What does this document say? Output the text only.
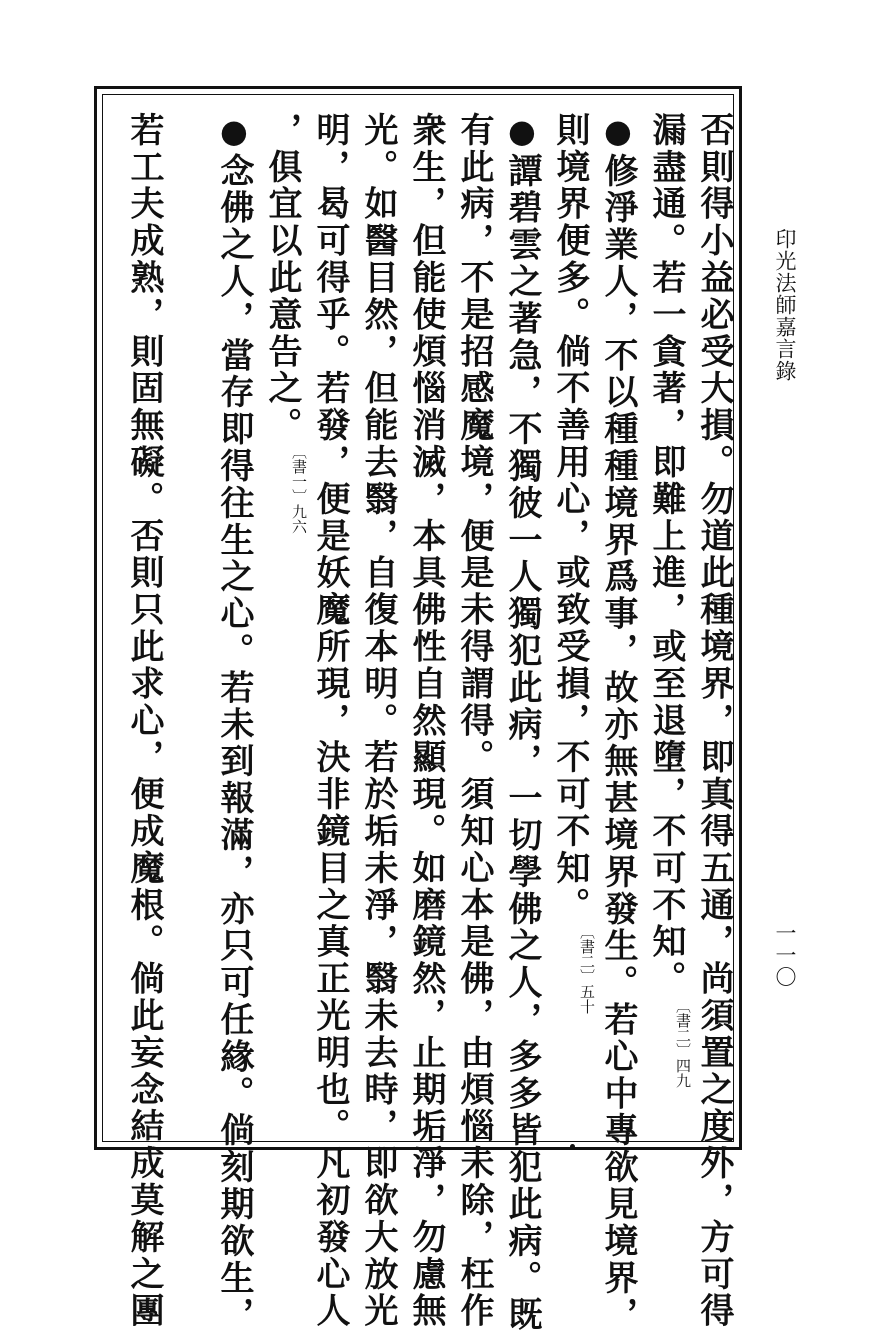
印光法師嘉言錄
一一〇
否則得小益必受大損。勿道此種境界，即真得五通，尚須置之度外，方可得
漏盡通。若一貪著，即難上進，或至退墮，不可不知。〔書二〕四九
●修淨業人，不以種種境界爲事，故亦無甚境界發生。若心中專欲見境界，
則境界便多。倘不善用心，或致受損，不可不知。〔書二〕五十
●譚碧雲之著急，不獨彼一人獨犯此病，一切學佛之人，多多皆犯此病。既
有此病，不是招感魔境，便是未得謂得。須知心本是佛，由煩惱未除，枉作
衆生，但能使煩惱消滅，本具佛性自然顯現。如磨鏡然，止期垢淨，勿慮無
光。如醫目然，但能去翳，自復本明。若於垢未淨，翳未去時，即欲大放光
明，曷可得乎。若發，便是妖魔所現，決非鏡目之真正光明也。凡初發心人
，俱宜以此意告之。〔書一〕九六
●念佛之人，當存即得往生之心。若未到報滿，亦只可任緣。倘刻期欲生，
若工夫成熟，則固無礙。否則只此求心，便成魔根。倘此妄念結成莫解之團
